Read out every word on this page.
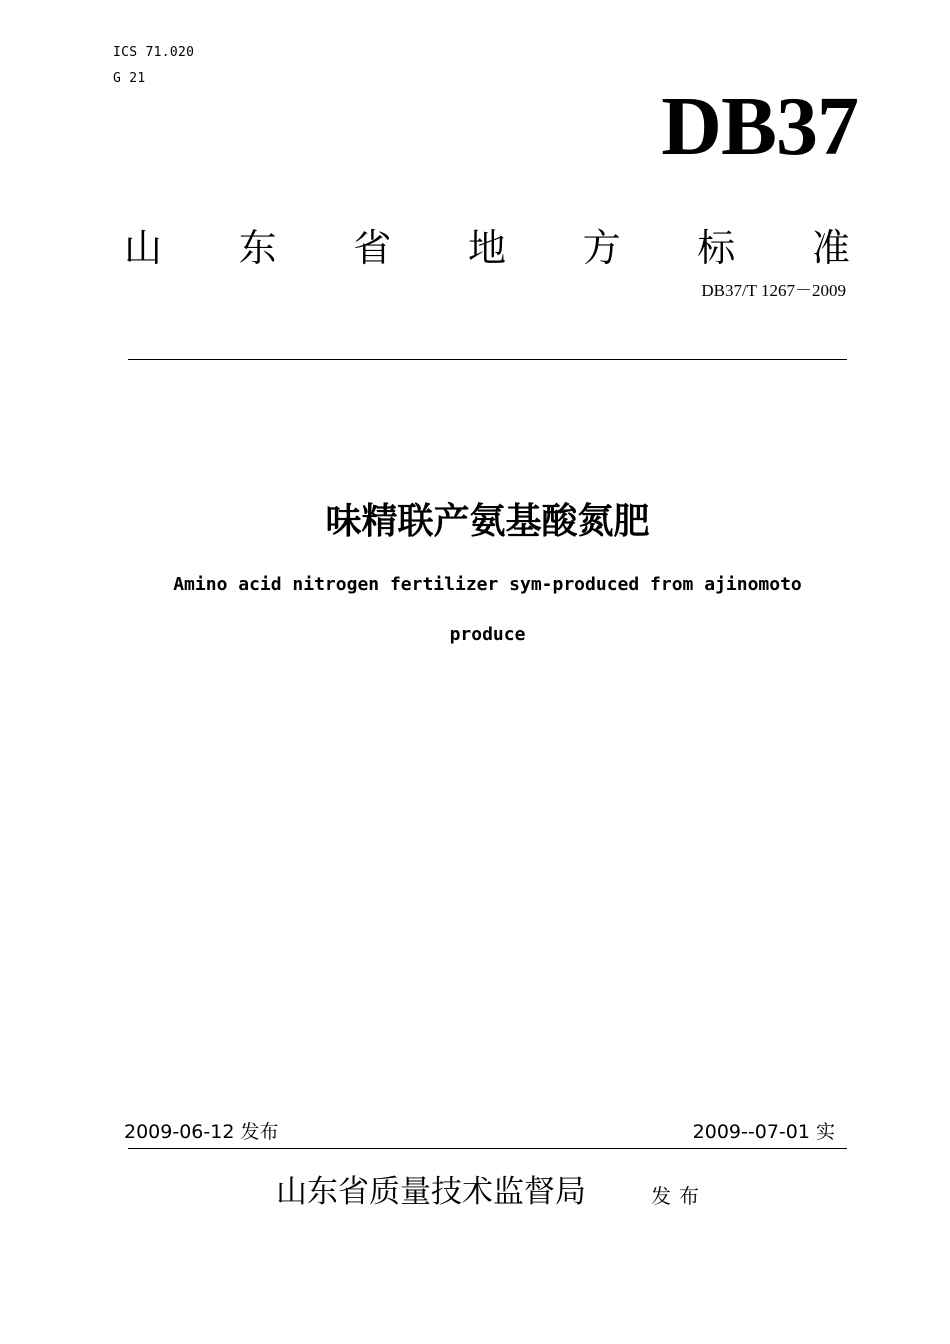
ICS 71.020
G 21
DB37
山 东 省 地 方 标 准
DB37/T 1267－2009
味精联产氨基酸氮肥
Amino acid nitrogen fertilizer sym-produced from ajinomoto
produce
2009-06-12 发布	2009--07-01 实
山东省质量技术监督局	发布
